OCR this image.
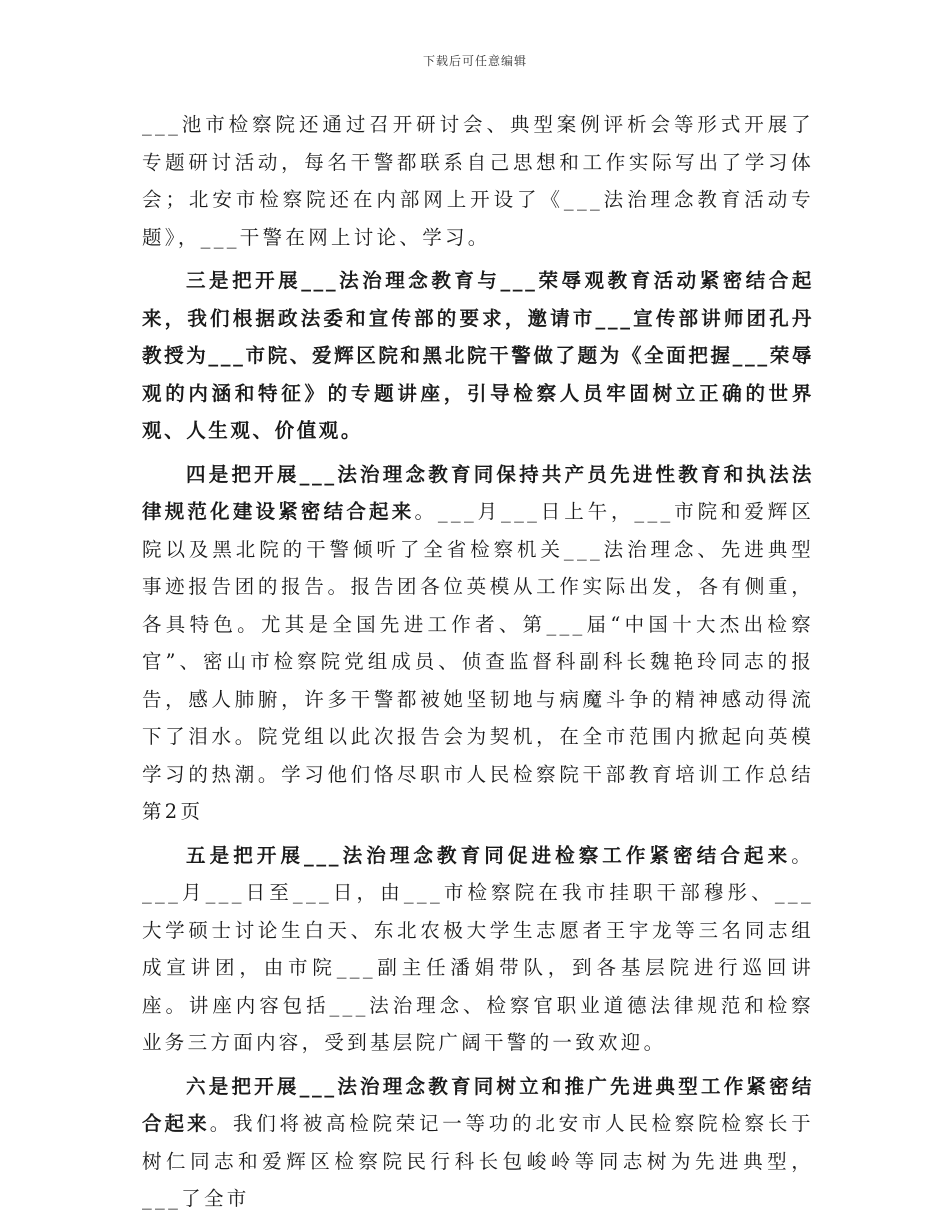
下载后可任意编辑

___池市检察院还通过召开研讨会、典型案例评析会等形式开展了专题研讨活动，每名干警都联系自己思想和工作实际写出了学习体会；北安市检察院还在内部网上开设了《___法治理念教育活动专题》，___干警在网上讨论、学习。

三是把开展___法治理念教育与___荣辱观教育活动紧密结合起来，我们根据政法委和宣传部的要求，邀请市___宣传部讲师团孔丹教授为___市院、爱辉区院和黑北院干警做了题为《全面把握___荣辱观的内涵和特征》的专题讲座，引导检察人员牢固树立正确的世界观、人生观、价值观。

四是把开展___法治理念教育同保持共产员先进性教育和执法法律规范化建设紧密结合起来。___月___日上午，___市院和爱辉区院以及黑北院的干警倾听了全省检察机关___法治理念、先进典型事迹报告团的报告。报告团各位英模从工作实际出发，各有侧重，各具特色。尤其是全国先进工作者、第___届“中国十大杰出检察官”、密山市检察院党组成员、侦查监督科副科长魏艳玲同志的报告，感人肺腑，许多干警都被她坚韧地与病魔斗争的精神感动得流下了泪水。院党组以此次报告会为契机，在全市范围内掀起向英模学习的热潮。学习他们恪尽职市人民检察院干部教育培训工作总结第2页

五是把开展___法治理念教育同促进检察工作紧密结合起来。___月___日至___日，由___市检察院在我市挂职干部穆彤、___大学硕士讨论生白天、东北农极大学生志愿者王宇龙等三名同志组成宣讲团，由市院___副主任潘娟带队，到各基层院进行巡回讲座。讲座内容包括___法治理念、检察官职业道德法律规范和检察业务三方面内容，受到基层院广阔干警的一致欢迎。

六是把开展___法治理念教育同树立和推广先进典型工作紧密结合起来。我们将被高检院荣记一等功的北安市人民检察院检察长于树仁同志和爱辉区检察院民行科长包峻岭等同志树为先进典型，___了全市
